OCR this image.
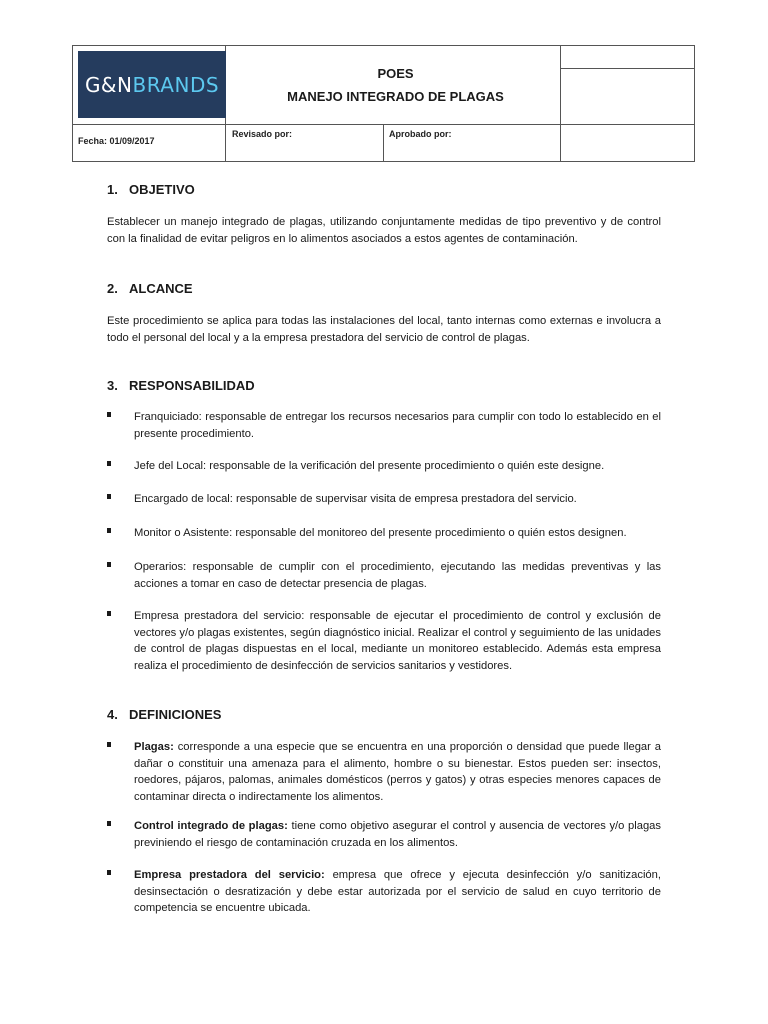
G&NBRANDS	POES
MANEJO INTEGRADO DE PLAGAS
Fecha: 01/09/2017
Revisado por:	Aprobado por:
1. OBJETIVO
Establecer un manejo integrado de plagas, utilizando conjuntamente medidas de tipo preventivo y de control con la finalidad de evitar peligros en lo alimentos asociados a estos agentes de contaminación.
2. ALCANCE
Este procedimiento se aplica para todas las instalaciones del local, tanto internas como externas e involucra a todo el personal del local y a la empresa prestadora del servicio de control de plagas.
3. RESPONSABILIDAD
Franquiciado: responsable de entregar los recursos necesarios para cumplir con todo lo establecido en el presente procedimiento.
Jefe del Local: responsable de la verificación del presente procedimiento o quién este designe.
Encargado de local: responsable de supervisar visita de empresa prestadora del servicio.
Monitor o Asistente: responsable del monitoreo del presente procedimiento o quién estos designen.
Operarios: responsable de cumplir con el procedimiento, ejecutando las medidas preventivas y las acciones a tomar en caso de detectar presencia de plagas.
Empresa prestadora del servicio: responsable de ejecutar el procedimiento de control y exclusión de vectores y/o plagas existentes, según diagnóstico inicial. Realizar el control y seguimiento de las unidades de control de plagas dispuestas en el local, mediante un monitoreo establecido. Además esta empresa realiza el procedimiento de desinfección de servicios sanitarios y vestidores.
4. DEFINICIONES
Plagas: corresponde a una especie que se encuentra en una proporción o densidad que puede llegar a dañar o constituir una amenaza para el alimento, hombre o su bienestar. Estos pueden ser: insectos, roedores, pájaros, palomas, animales domésticos (perros y gatos) y otras especies menores capaces de contaminar directa o indirectamente los alimentos.
Control integrado de plagas: tiene como objetivo asegurar el control y ausencia de vectores y/o plagas previniendo el riesgo de contaminación cruzada en los alimentos.
Empresa prestadora del servicio: empresa que ofrece y ejecuta desinfección y/o sanitización, desinsectación o desratización y debe estar autorizada por el servicio de salud en cuyo territorio de competencia se encuentre ubicada.
